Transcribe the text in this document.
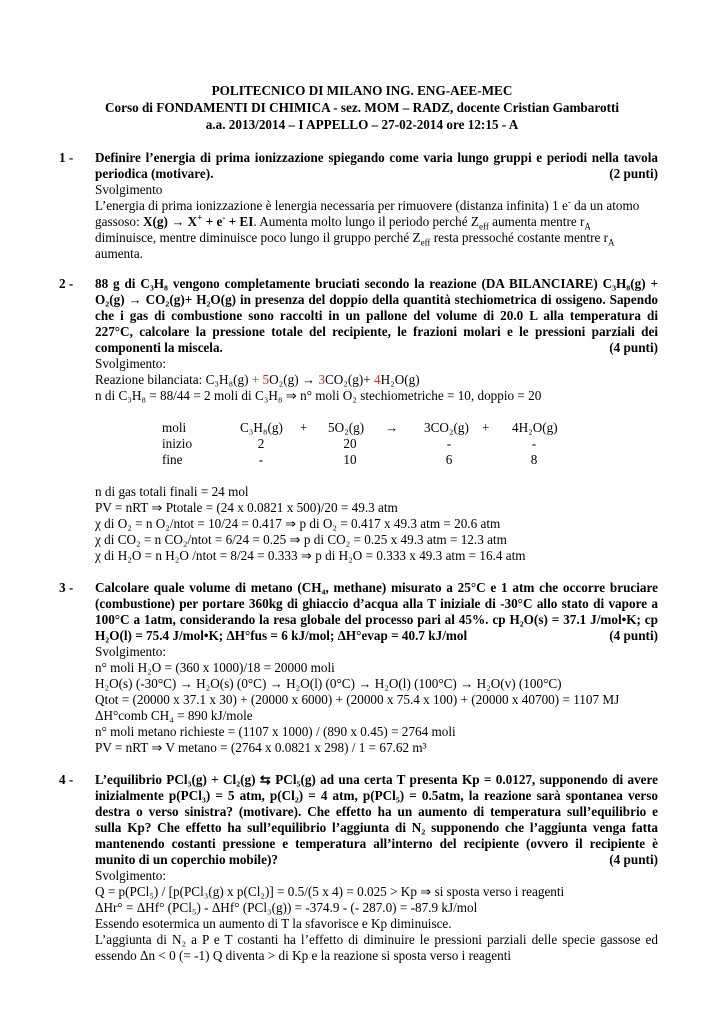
POLITECNICO DI MILANO ING. ENG-AEE-MEC
Corso di FONDAMENTI DI CHIMICA - sez. MOM – RADZ, docente Cristian Gambarotti
a.a. 2013/2014 – I APPELLO – 27-02-2014 ore 12:15 - A
1 - Definire l’energia di prima ionizzazione spiegando come varia lungo gruppi e periodi nella tavola
periodica (motivare).	(2 punti)
Svolgimento
L’energia di prima ionizzazione è lenergia necessaria per rimuovere (distanza infinita) 1 e- da un atomo
gassoso: X(g) → X+ + e- + EI. Aumenta molto lungo il periodo perché $Z_{eff}$ aumenta mentre $r_A$
diminuisce, mentre diminuisce poco lungo il gruppo perché $Z_{eff}$ resta pressoché costante mentre $r_A$
aumenta.
2 - 88 g di C₃H₈ vengono completamente bruciati secondo la reazione (DA BILANCIARE) C₃H₈(g) +
O₂(g) → CO₂(g)+ H₂O(g) in presenza del doppio della quantità stechiometrica di ossigeno. Sapendo
che i gas di combustione sono raccolti in un pallone del volume di 20.0 L alla temperatura di
227°C, calcolare la pressione totale del recipiente, le frazioni molari e le pressioni parziali dei
componenti la miscela.	(4 punti)
Svolgimento:
Reazione bilanciata: C₃H₈(g) + 5O₂(g) → 3CO₂(g)+ 4H₂O(g)
n di C₃H₈ = 88/44 = 2 moli di C₃H₈ ⇒ n° moli O₂ stechiometriche = 10, doppio = 20
moli	C₃H₈(g) + 5O₂(g) → 3CO₂(g) + 4H₂O(g)
inizio	2	20	-	-
fine	-	10	6	8
n di gas totali finali = 24 mol
PV = nRT ⇒ Ptotale = (24 x 0.0821 x 500)/20 = 49.3 atm
χ di O₂ = n O₂/ntot = 10/24 = 0.417 ⇒ p di O₂ = 0.417 x 49.3 atm = 20.6 atm
χ di CO₂ = n CO₂/ntot = 6/24 = 0.25 ⇒ p di CO₂ = 0.25 x 49.3 atm = 12.3 atm
χ di H₂O = n H₂O /ntot = 8/24 = 0.333 ⇒ p di H₂O = 0.333 x 49.3 atm = 16.4 atm
3 - Calcolare quale volume di metano (CH₄, methane) misurato a 25°C e 1 atm che occorre bruciare
(combustione) per portare 360kg di ghiaccio d’acqua alla T iniziale di -30°C allo stato di vapore a
100°C a 1atm, considerando la resa globale del processo pari al 45%. cp H₂O(s) = 37.1 J/mol•K; cp
H₂O(l) = 75.4 J/mol•K; ΔH°fus = 6 kJ/mol; ΔH°evap = 40.7 kJ/mol	(4 punti)
Svolgimento:
n° moli H₂O = (360 x 1000)/18 = 20000 moli
H₂O(s) (-30°C) → H₂O(s) (0°C) → H₂O(l) (0°C) → H₂O(l) (100°C) → H₂O(v) (100°C)
Qtot = (20000 x 37.1 x 30) + (20000 x 6000) + (20000 x 75.4 x 100) + (20000 x 40700) = 1107 MJ
ΔH°comb CH₄ = 890 kJ/mole
n° moli metano richieste = (1107 x 1000) / (890 x 0.45) = 2764 moli
PV = nRT ⇒ V metano = (2764 x 0.0821 x 298) / 1 = 67.62 m³
4 - L’equilibrio PCl₃(g) + Cl₂(g) ⇆ PCl₅(g) ad una certa T presenta Kp = 0.0127, supponendo di avere
inizialmente p(PCl₃) = 5 atm, p(Cl₂) = 4 atm, p(PCl₅) = 0.5atm, la reazione sarà spontanea verso
destra o verso sinistra? (motivare). Che effetto ha un aumento di temperatura sull’equilibrio e
sulla Kp? Che effetto ha sull’equilibrio l’aggiunta di N₂ supponendo che l’aggiunta venga fatta
mantenendo costanti pressione e temperatura all’interno del recipiente (ovvero il recipiente è
munito di un coperchio mobile)?	(4 punti)
Svolgimento:
Q = p(PCl₅) / [p(PCl₃(g) x p(Cl₂)] = 0.5/(5 x 4) = 0.025 > Kp ⇒ si sposta verso i reagenti
ΔHr° = ΔHf° (PCl₅) - ΔHf° (PCl₃(g)) = -374.9 - (- 287.0) = -87.9 kJ/mol
Essendo esotermica un aumento di T la sfavorisce e Kp diminuisce.
L’aggiunta di N₂ a P e T costanti ha l’effetto di diminuire le pressioni parziali delle specie gassose ed
essendo Δn < 0 (= -1) Q diventa > di Kp e la reazione si sposta verso i reagenti
